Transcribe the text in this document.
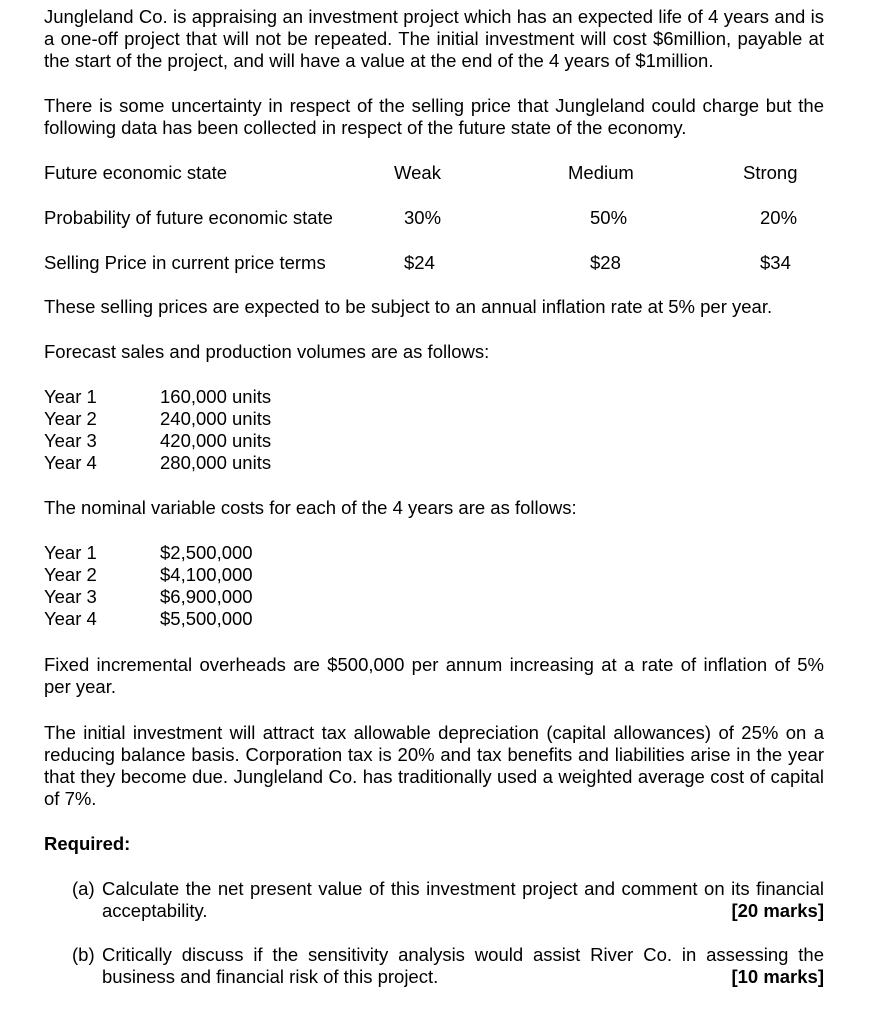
Jungleland Co. is appraising an investment project which has an expected life of 4 years and is a one-off project that will not be repeated. The initial investment will cost $6million, payable at the start of the project, and will have a value at the end of the 4 years of $1million.
There is some uncertainty in respect of the selling price that Jungleland could charge but the following data has been collected in respect of the future state of the economy.
Future economic state	Weak	Medium	Strong
Probability of future economic state	30%	50%	20%
Selling Price in current price terms	$24	$28	$34
These selling prices are expected to be subject to an annual inflation rate at 5% per year.
Forecast sales and production volumes are as follows:
Year 1	160,000 units
Year 2	240,000 units
Year 3	420,000 units
Year 4	280,000 units
The nominal variable costs for each of the 4 years are as follows:
Year 1	$2,500,000
Year 2	$4,100,000
Year 3	$6,900,000
Year 4	$5,500,000
Fixed incremental overheads are $500,000 per annum increasing at a rate of inflation of 5% per year.
The initial investment will attract tax allowable depreciation (capital allowances) of 25% on a reducing balance basis. Corporation tax is 20% and tax benefits and liabilities arise in the year that they become due. Jungleland Co. has traditionally used a weighted average cost of capital of 7%.
Required:
(a) Calculate the net present value of this investment project and comment on its financial acceptability.	[20 marks]
(b) Critically discuss if the sensitivity analysis would assist River Co. in assessing the business and financial risk of this project.	[10 marks]
